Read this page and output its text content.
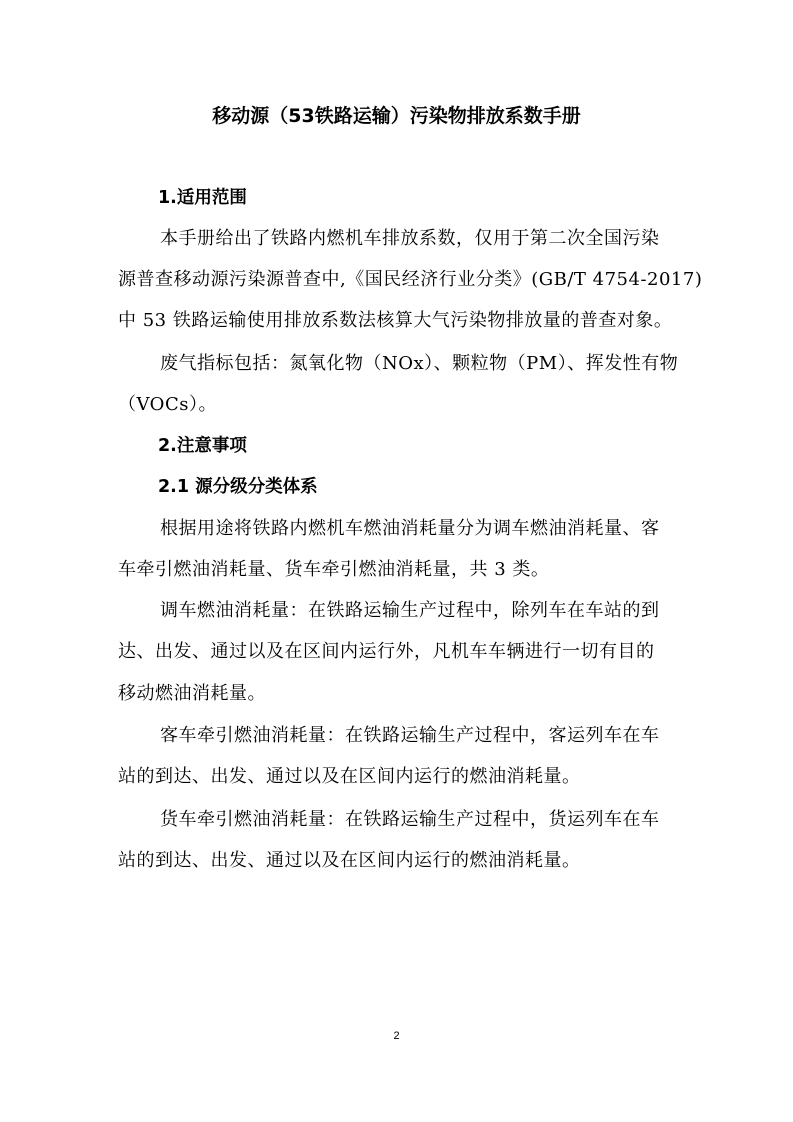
移动源（53铁路运输）污染物排放系数手册
1.适用范围
本手册给出了铁路内燃机车排放系数，仅用于第二次全国污染
源普查移动源污染源普查中,《国民经济行业分类》(GB/T 4754-2017)
中 53 铁路运输使用排放系数法核算大气污染物排放量的普查对象。
废气指标包括：氮氧化物（NOx）、颗粒物（PM）、挥发性有物
（VOCs）。
2.注意事项
2.1 源分级分类体系
根据用途将铁路内燃机车燃油消耗量分为调车燃油消耗量、客
车牵引燃油消耗量、货车牵引燃油消耗量，共 3 类。
调车燃油消耗量：在铁路运输生产过程中，除列车在车站的到
达、出发、通过以及在区间内运行外，凡机车车辆进行一切有目的
移动燃油消耗量。
客车牵引燃油消耗量：在铁路运输生产过程中，客运列车在车
站的到达、出发、通过以及在区间内运行的燃油消耗量。
货车牵引燃油消耗量：在铁路运输生产过程中，货运列车在车
站的到达、出发、通过以及在区间内运行的燃油消耗量。
2
